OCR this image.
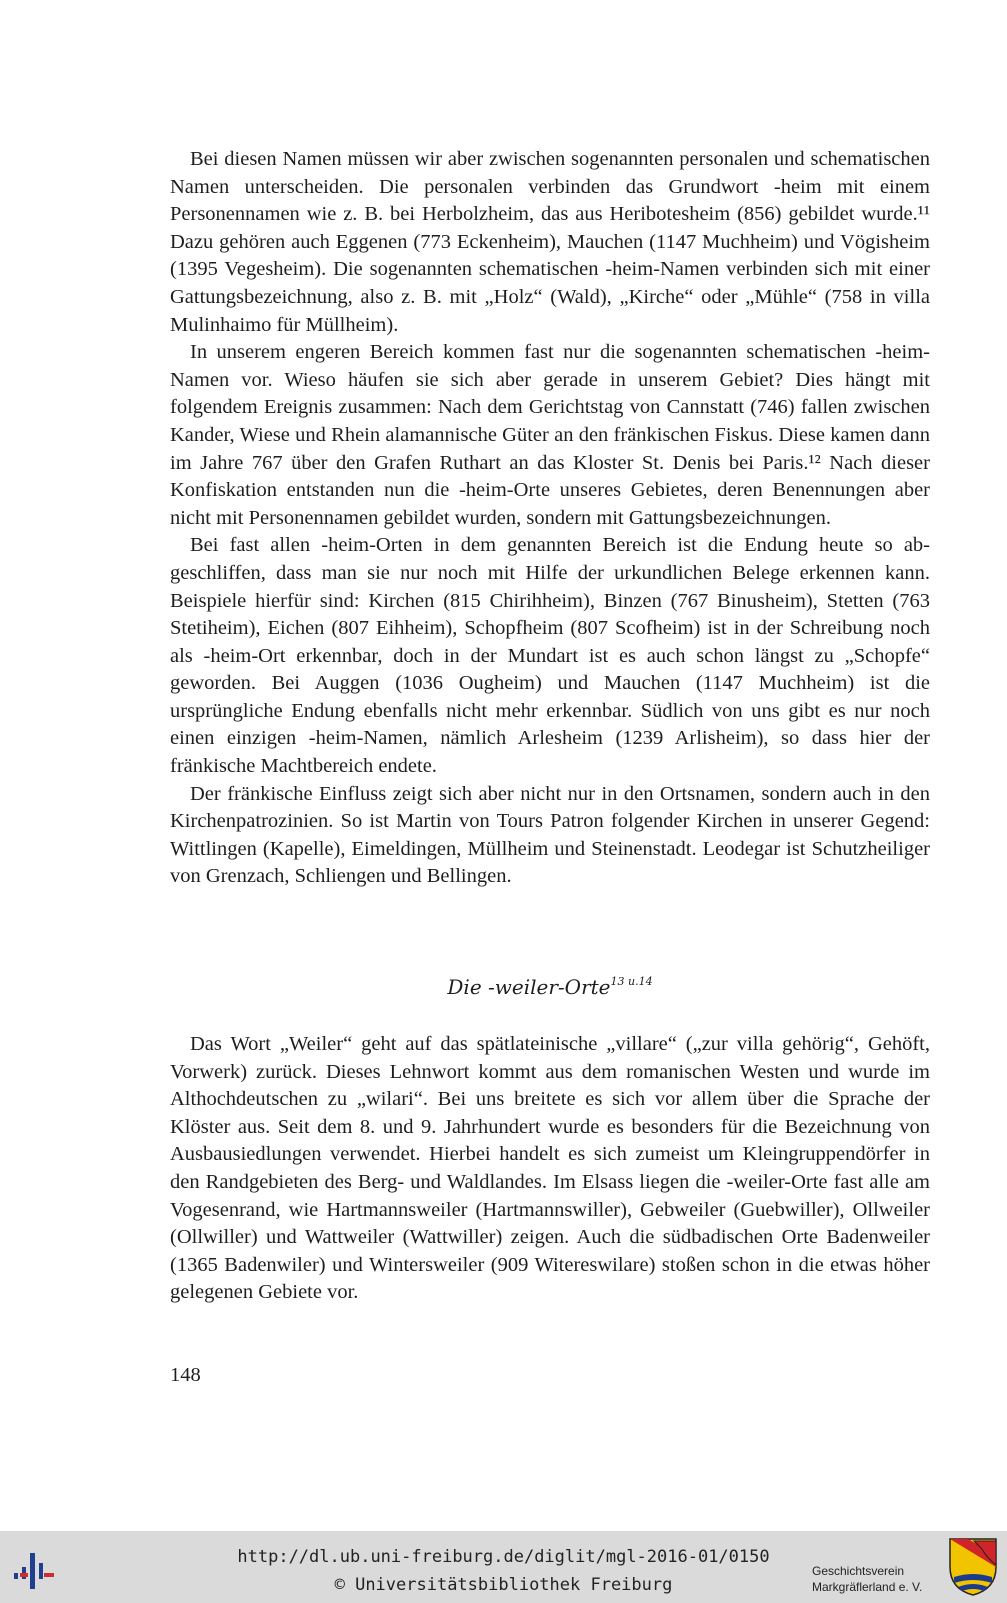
Bei diesen Namen müssen wir aber zwischen sogenannten personalen und schematischen Namen unterscheiden. Die personalen verbinden das Grundwort -heim mit einem Personennamen wie z. B. bei Herbolzheim, das aus Heribotesheim (856) gebildet wurde.¹¹ Dazu gehören auch Eggenen (773 Eckenheim), Mauchen (1147 Muchheim) und Vögisheim (1395 Vegesheim). Die sogenannten schematischen -heim-Namen verbinden sich mit einer Gattungsbezeichnung, also z. B. mit „Holz“ (Wald), „Kirche“ oder „Mühle“ (758 in villa Mulinhaimo für Müllheim).

In unserem engeren Bereich kommen fast nur die sogenannten schematischen -heim-Namen vor. Wieso häufen sie sich aber gerade in unserem Gebiet? Dies hängt mit folgendem Ereignis zusammen: Nach dem Gerichtstag von Cannstatt (746) fallen zwischen Kander, Wiese und Rhein alamannische Güter an den fränkischen Fiskus. Diese kamen dann im Jahre 767 über den Grafen Ruthart an das Kloster St. Denis bei Paris.¹² Nach dieser Konfiskation entstanden nun die -heim-Orte unseres Gebietes, deren Benennungen aber nicht mit Personennamen gebildet wurden, sondern mit Gattungsbezeichnungen.

Bei fast allen -heim-Orten in dem genannten Bereich ist die Endung heute so abgeschliffen, dass man sie nur noch mit Hilfe der urkundlichen Belege erkennen kann. Beispiele hierfür sind: Kirchen (815 Chirihheim), Binzen (767 Binusheim), Stetten (763 Stetiheim), Eichen (807 Eihheim), Schopfheim (807 Scofheim) ist in der Schreibung noch als -heim-Ort erkennbar, doch in der Mundart ist es auch schon längst zu „Schopfe“ geworden. Bei Auggen (1036 Ougheim) und Mauchen (1147 Muchheim) ist die ursprüngliche Endung ebenfalls nicht mehr erkennbar. Südlich von uns gibt es nur noch einen einzigen -heim-Namen, nämlich Arlesheim (1239 Arlisheim), so dass hier der fränkische Machtbereich endete.

Der fränkische Einfluss zeigt sich aber nicht nur in den Ortsnamen, sondern auch in den Kirchenpatrozinien. So ist Martin von Tours Patron folgender Kirchen in unserer Gegend: Wittlingen (Kapelle), Eimeldingen, Müllheim und Steinenstadt. Leodegar ist Schutzheiliger von Grenzach, Schliengen und Bellingen.

Die -weiler-Orte$^{13 u.14}$

Das Wort „Weiler“ geht auf das spätlateinische „villare“ („zur villa gehörig“, Gehöft, Vorwerk) zurück. Dieses Lehnwort kommt aus dem romanischen Westen und wurde im Althochdeutschen zu „wilari“. Bei uns breitete es sich vor allem über die Sprache der Klöster aus. Seit dem 8. und 9. Jahrhundert wurde es besonders für die Bezeichnung von Ausbausiedlungen verwendet. Hierbei handelt es sich zumeist um Kleingruppendörfer in den Randgebieten des Berg- und Waldlandes. Im Elsass liegen die -weiler-Orte fast alle am Vogesenrand, wie Hartmannsweiler (Hartmannswiller), Gebweiler (Guebwiller), Ollweiler (Ollwiller) und Wattweiler (Wattwiller) zeigen. Auch die südbadischen Orte Badenweiler (1365 Badenwiler) und Wintersweiler (909 Witereswilare) stoßen schon in die etwas höher gelegenen Gebiete vor.

148
http://dl.ub.uni-freiburg.de/diglit/mgl-2016-01/0150
© Universitätsbibliothek Freiburg
Geschichtsverein
Markgräflerland e. V.
